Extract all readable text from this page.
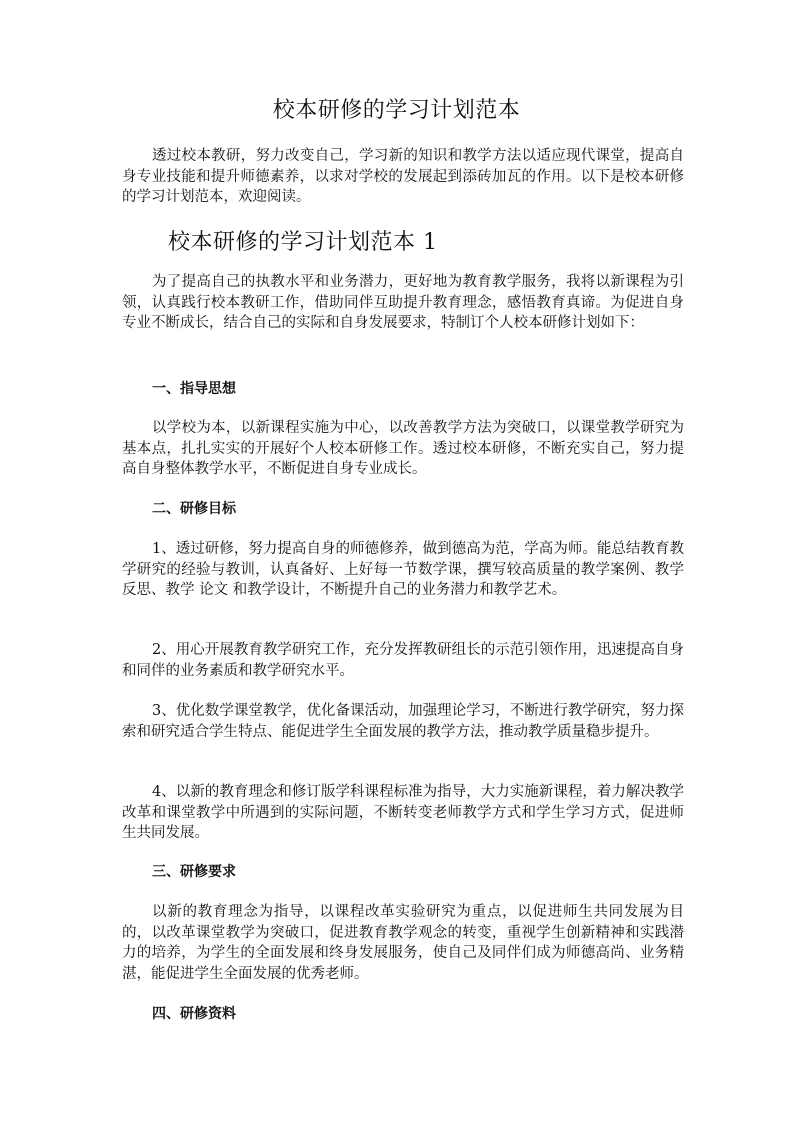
校本研修的学习计划范本

透过校本教研，努力改变自己，学习新的知识和教学方法以适应现代课堂，提高自身专业技能和提升师德素养，以求对学校的发展起到添砖加瓦的作用。以下是校本研修的学习计划范本，欢迎阅读。

校本研修的学习计划范本 1

为了提高自己的执教水平和业务潜力，更好地为教育教学服务，我将以新课程为引领，认真践行校本教研工作，借助同伴互助提升教育理念，感悟教育真谛。为促进自身专业不断成长，结合自己的实际和自身发展要求，特制订个人校本研修计划如下：

一、指导思想

以学校为本，以新课程实施为中心，以改善教学方法为突破口，以课堂教学研究为基本点，扎扎实实的开展好个人校本研修工作。透过校本研修，不断充实自己，努力提高自身整体教学水平，不断促进自身专业成长。

二、研修目标

1、透过研修，努力提高自身的师德修养，做到德高为范，学高为师。能总结教育教学研究的经验与教训，认真备好、上好每一节数学课，撰写较高质量的教学案例、教学反思、教学 论文 和教学设计，不断提升自己的业务潜力和教学艺术。

2、用心开展教育教学研究工作，充分发挥教研组长的示范引领作用，迅速提高自身和同伴的业务素质和教学研究水平。

3、优化数学课堂教学，优化备课活动，加强理论学习，不断进行教学研究，努力探索和研究适合学生特点、能促进学生全面发展的教学方法，推动教学质量稳步提升。

4、以新的教育理念和修订版学科课程标准为指导，大力实施新课程，着力解决教学改革和课堂教学中所遇到的实际问题，不断转变老师教学方式和学生学习方式，促进师生共同发展。

三、研修要求

以新的教育理念为指导，以课程改革实验研究为重点，以促进师生共同发展为目的，以改革课堂教学为突破口，促进教育教学观念的转变，重视学生创新精神和实践潜力的培养，为学生的全面发展和终身发展服务，使自己及同伴们成为师德高尚、业务精湛，能促进学生全面发展的优秀老师。

四、研修资料
